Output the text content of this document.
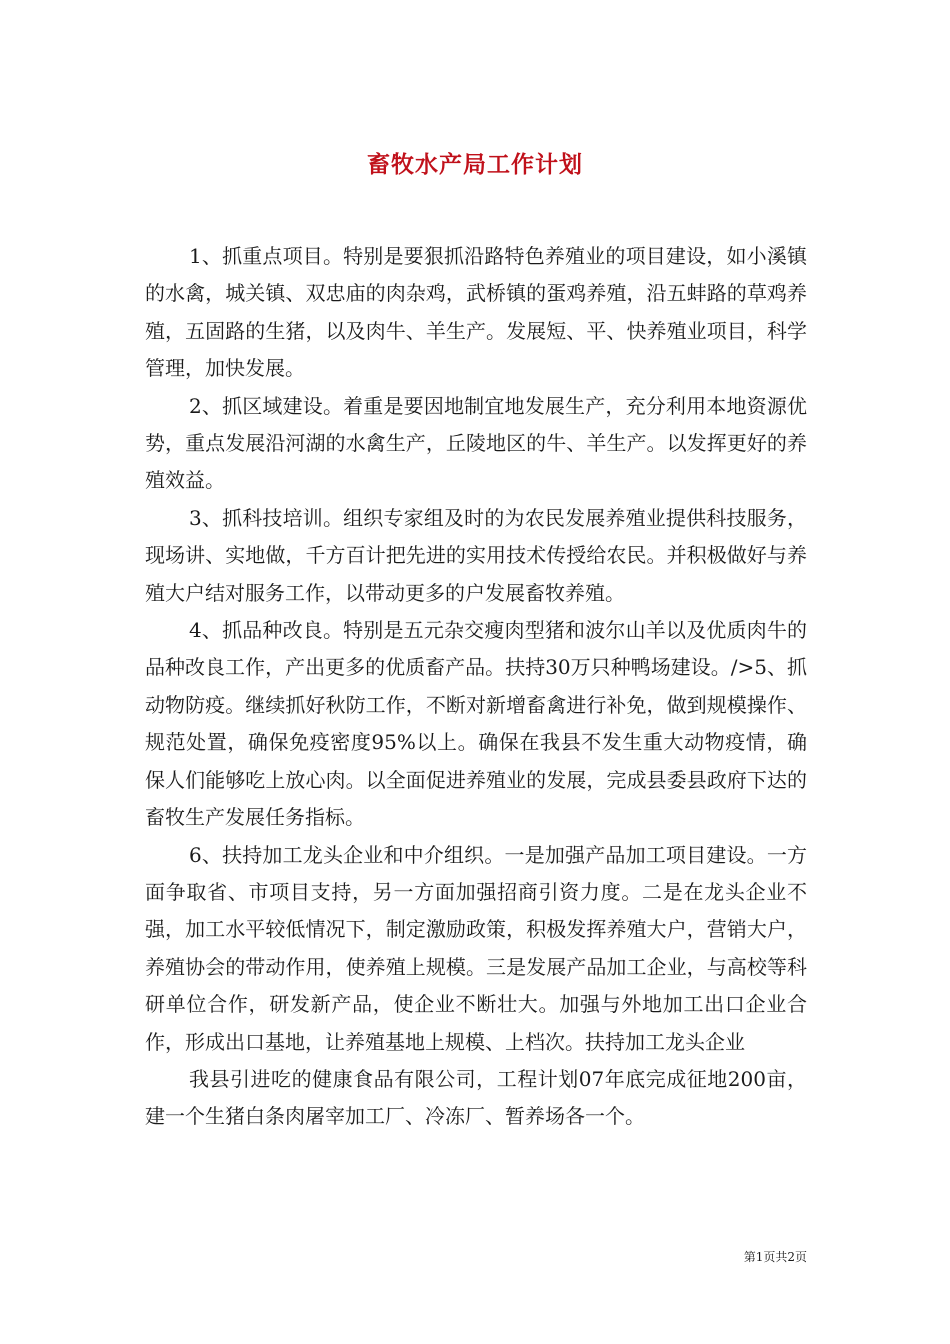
畜牧水产局工作计划

1、抓重点项目。特别是要狠抓沿路特色养殖业的项目建设，如小溪镇的水禽，城关镇、双忠庙的肉杂鸡，武桥镇的蛋鸡养殖，沿五蚌路的草鸡养殖，五固路的生猪，以及肉牛、羊生产。发展短、平、快养殖业项目，科学管理，加快发展。

2、抓区域建设。着重是要因地制宜地发展生产，充分利用本地资源优势，重点发展沿河湖的水禽生产，丘陵地区的牛、羊生产。以发挥更好的养殖效益。

3、抓科技培训。组织专家组及时的为农民发展养殖业提供科技服务，现场讲、实地做，千方百计把先进的实用技术传授给农民。并积极做好与养殖大户结对服务工作，以带动更多的户发展畜牧养殖。

4、抓品种改良。特别是五元杂交瘦肉型猪和波尔山羊以及优质肉牛的品种改良工作，产出更多的优质畜产品。扶持30万只种鸭场建设。/>5、抓动物防疫。继续抓好秋防工作，不断对新增畜禽进行补免，做到规模操作、规范处置，确保免疫密度95%以上。确保在我县不发生重大动物疫情，确保人们能够吃上放心肉。以全面促进养殖业的发展，完成县委县政府下达的畜牧生产发展任务指标。

6、扶持加工龙头企业和中介组织。一是加强产品加工项目建设。一方面争取省、市项目支持，另一方面加强招商引资力度。二是在龙头企业不强，加工水平较低情况下，制定激励政策，积极发挥养殖大户，营销大户，养殖协会的带动作用，使养殖上规模。三是发展产品加工企业，与高校等科研单位合作，研发新产品，使企业不断壮大。加强与外地加工出口企业合作，形成出口基地，让养殖基地上规模、上档次。扶持加工龙头企业

我县引进吃的健康食品有限公司，工程计划07年底完成征地200亩，建一个生猪白条肉屠宰加工厂、冷冻厂、暂养场各一个。

第1页共2页
